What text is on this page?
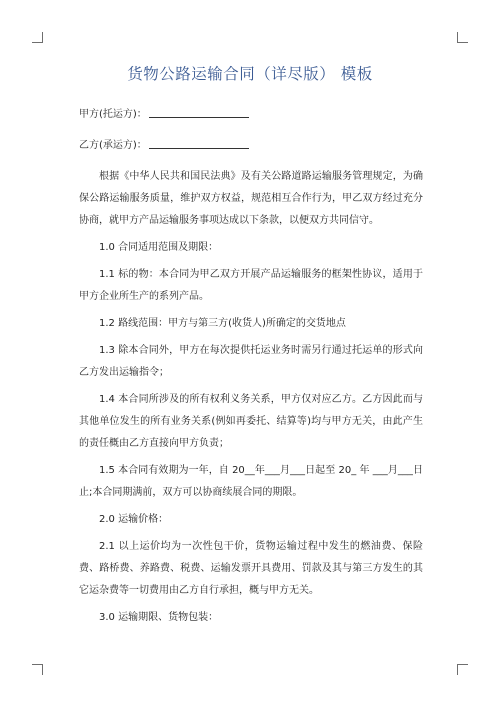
货物公路运输合同（详尽版） 模板
甲方(托运方)：
乙方(承运方)：
根据《中华人民共和国民法典》及有关公路道路运输服务管理规定，为确保公路运输服务质量，维护双方权益，规范相互合作行为，甲乙双方经过充分协商，就甲方产品运输服务事项达成以下条款，以便双方共同信守。
1.0 合同适用范围及期限：
1.1 标的物：本合同为甲乙双方开展产品运输服务的框架性协议，适用于甲方企业所生产的系列产品。
1.2 路线范围：甲方与第三方(收货人)所确定的交货地点
1.3 除本合同外，甲方在每次提供托运业务时需另行通过托运单的形式向乙方发出运输指令；
1.4 本合同所涉及的所有权利义务关系，甲方仅对应乙方。乙方因此而与其他单位发生的所有业务关系(例如再委托、结算等)均与甲方无关，由此产生的责任概由乙方直接向甲方负责；
1.5 本合同有效期为一年，自 20__年___月___日起至 20_ 年 ___月___日止;本合同期满前，双方可以协商续展合同的期限。
2.0 运输价格：
2.1 以上运价均为一次性包干价，货物运输过程中发生的燃油费、保险费、路桥费、养路费、税费、运输发票开具费用、罚款及其与第三方发生的其它运杂费等一切费用由乙方自行承担，概与甲方无关。
3.0 运输期限、货物包装：
